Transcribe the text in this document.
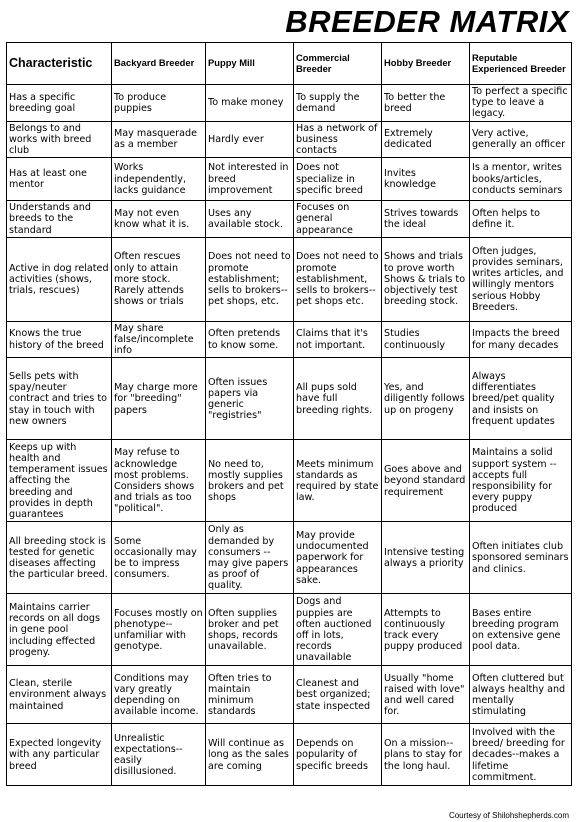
BREEDER MATRIX
Characteristic	Backyard Breeder	Puppy Mill	Commercial Breeder	Hobby Breeder	Reputable Experienced Breeder
Has a specific breeding goal	To produce puppies	To make money	To supply the demand	To better the breed	To perfect a specific type to leave a legacy.
Belongs to and works with breed club	May masquerade as a member	Hardly ever	Has a network of business contacts	Extremely dedicated	Very active, generally an officer
Has at least one mentor	Works independently, lacks guidance	Not interested in breed improvement	Does not specialize in specific breed	Invites knowledge	Is a mentor, writes books/articles, conducts seminars
Understands and breeds to the standard	May not even know what it is.	Uses any available stock.	Focuses on general appearance	Strives towards the ideal	Often helps to define it.
Active in dog related activities (shows, trials, rescues)	Often rescues only to attain more stock. Rarely attends shows or trials	Does not need to promote establishment; sells to brokers--pet shops, etc.	Does not need to promote establishment, sells to brokers--pet shops etc.	Shows and trials to prove worth Shows & trials to objectively test breeding stock.	Often judges, provides seminars, writes articles, and willingly mentors serious Hobby Breeders.
Knows the true history of the breed	May share false/incomplete info	Often pretends to know some.	Claims that it's not important.	Studies continuously	Impacts the breed for many decades
Sells pets with spay/neuter contract and tries to stay in touch with new owners	May charge more for "breeding" papers	Often issues papers via generic "registries"	All pups sold have full breeding rights.	Yes, and diligently follows up on progeny	Always differentiates breed/pet quality and insists on frequent updates
Keeps up with health and temperament issues affecting the breeding and provides in depth guarantees	May refuse to acknowledge most problems. Considers shows and trials as too "political".	No need to, mostly supplies brokers and pet shops	Meets minimum standards as required by state law.	Goes above and beyond standard requirement	Maintains a solid support system --accepts full responsibility for every puppy produced
All breeding stock is tested for genetic diseases affecting the particular breed.	Some occasionally may be to impress consumers.	Only as demanded by consumers -- may give papers as proof of quality.	May provide undocumented paperwork for appearances sake.	Intensive testing always a priority	Often initiates club sponsored seminars and clinics.
Maintains carrier records on all dogs in gene pool including effected progeny.	Focuses mostly on phenotype--unfamiliar with genotype.	Often supplies broker and pet shops, records unavailable.	Dogs and puppies are often auctioned off in lots, records unavailable	Attempts to continuously track every puppy produced	Bases entire breeding program on extensive gene pool data.
Clean, sterile environment always maintained	Conditions may vary greatly depending on available income.	Often tries to maintain minimum standards	Cleanest and best organized; state inspected	Usually "home raised with love" and well cared for.	Often cluttered but always healthy and mentally stimulating
Expected longevity with any particular breed	Unrealistic expectations-- easily disillusioned.	Will continue as long as the sales are coming	Depends on popularity of specific breeds	On a mission--plans to stay for the long haul.	Involved with the breed/ breeding for decades--makes a lifetime commitment.
Courtesy of Shilohshepherds.com
